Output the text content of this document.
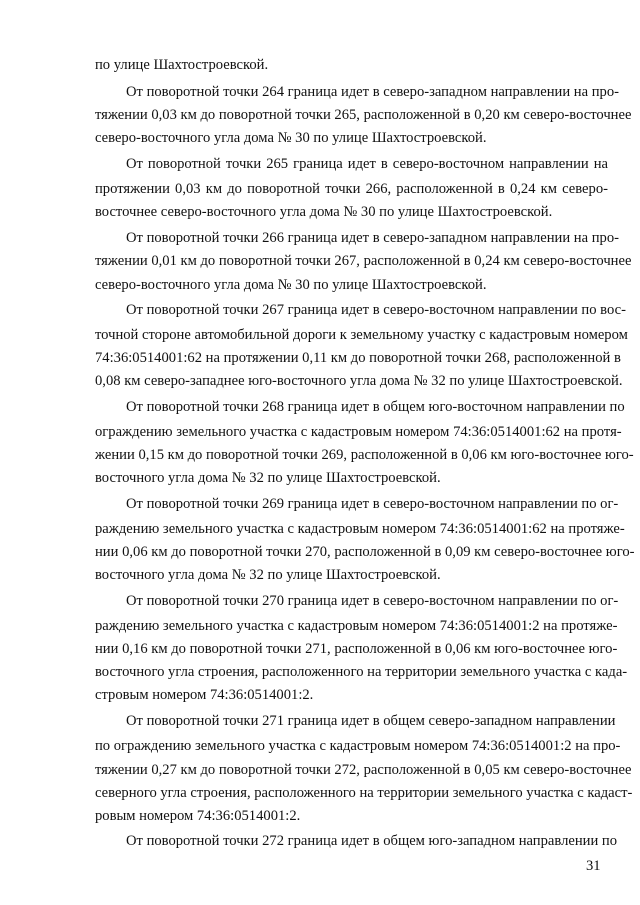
по улице Шахтостроевской.
От поворотной точки 264 граница идет в северо-западном направлении на про-
тяжении 0,03 км до поворотной точки 265, расположенной в 0,20 км северо-восточнее
северо-восточного угла дома № 30 по улице Шахтостроевской.
От поворотной точки 265 граница идет в северо-восточном направлении на
протяжении 0,03 км до поворотной точки 266, расположенной в 0,24 км северо-
восточнее северо-восточного угла дома № 30 по улице Шахтостроевской.
От поворотной точки 266 граница идет в северо-западном направлении на про-
тяжении 0,01 км до поворотной точки 267, расположенной в 0,24 км северо-восточнее
северо-восточного угла дома № 30 по улице Шахтостроевской.
От поворотной точки 267 граница идет в северо-восточном направлении по вос-
точной стороне автомобильной дороги к земельному участку с кадастровым номером
74:36:0514001:62 на протяжении 0,11 км до поворотной точки 268, расположенной в
0,08 км северо-западнее юго-восточного угла дома № 32 по улице Шахтостроевской.
От поворотной точки 268 граница идет в общем юго-восточном направлении по
ограждению земельного участка с кадастровым номером 74:36:0514001:62 на протя-
жении 0,15 км до поворотной точки 269, расположенной в 0,06 км юго-восточнее юго-
восточного угла дома № 32 по улице Шахтостроевской.
От поворотной точки 269 граница идет в северо-восточном направлении по ог-
раждению земельного участка с кадастровым номером 74:36:0514001:62 на протяже-
нии 0,06 км до поворотной точки 270, расположенной в 0,09 км северо-восточнее юго-
восточного угла дома № 32 по улице Шахтостроевской.
От поворотной точки 270 граница идет в северо-восточном направлении по ог-
раждению земельного участка с кадастровым номером 74:36:0514001:2 на протяже-
нии 0,16 км до поворотной точки 271, расположенной в 0,06 км юго-восточнее юго-
восточного угла строения, расположенного на территории земельного участка с када-
стровым номером 74:36:0514001:2.
От поворотной точки 271 граница идет в общем северо-западном направлении
по ограждению земельного участка с кадастровым номером 74:36:0514001:2 на про-
тяжении 0,27 км до поворотной точки 272, расположенной в 0,05 км северо-восточнее
северного угла строения, расположенного на территории земельного участка с кадаст-
ровым номером 74:36:0514001:2.
От поворотной точки 272 граница идет в общем юго-западном направлении по
31
